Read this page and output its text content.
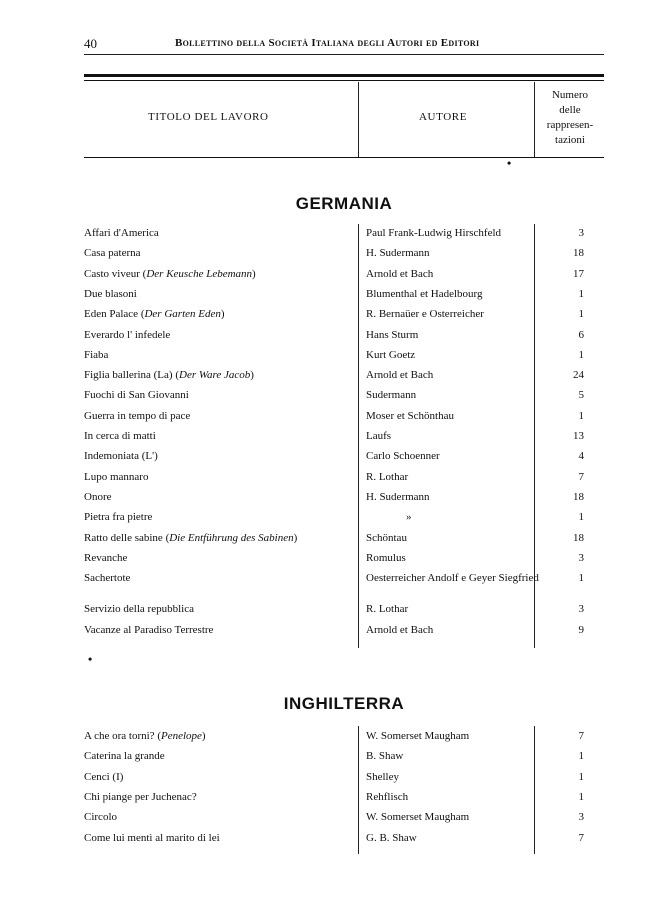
40	Bollettino della Società Italiana degli Autori ed Editori
TITOLO DEL LAVORO	AUTORE
Numero
delle
rappresen-
tazioni
•
GERMANIA
Affari d'America	Paul Frank-Ludwig Hirschfeld	3
Casa paterna	H. Sudermann	18
Casto viveur (Der Keusche Lebemann)	Arnold et Bach	17
Due blasoni	Blumenthal et Hadelbourg	1
Eden Palace (Der Garten Eden)	R. Bernaüer e Osterreicher	1
Everardo l' infedele	Hans Sturm	6
Fiaba	Kurt Goetz	1
Figlia ballerina (La) (Der Ware Jacob)	Arnold et Bach	24
Fuochi di San Giovanni	Sudermann	5
Guerra in tempo di pace	Moser et Schönthau	1
In cerca di matti	Laufs	13
Indemoniata (L')	Carlo Schoenner	4
Lupo mannaro	R. Lothar	7
Onore	H. Sudermann	18
Pietra fra pietre	»	1
Ratto delle sabine (Die Entführung des Sabinen)	Schöntau	18
Revanche	Romulus	3
Sachertote	Oesterreicher Andolf e Geyer Siegfried	1
Servizio della repubblica	R. Lothar	3
Vacanze al Paradiso Terrestre	Arnold et Bach	9
•
INGHILTERRA
A che ora torni? (Penelope)	W. Somerset Maugham	7
Caterina la grande	B. Shaw	1
Cenci (I)	Shelley	1
Chi piange per Juchenac?	Rehflisch	1
Circolo	W. Somerset Maugham	3
Come lui mentì al marito di lei	G. B. Shaw	7
